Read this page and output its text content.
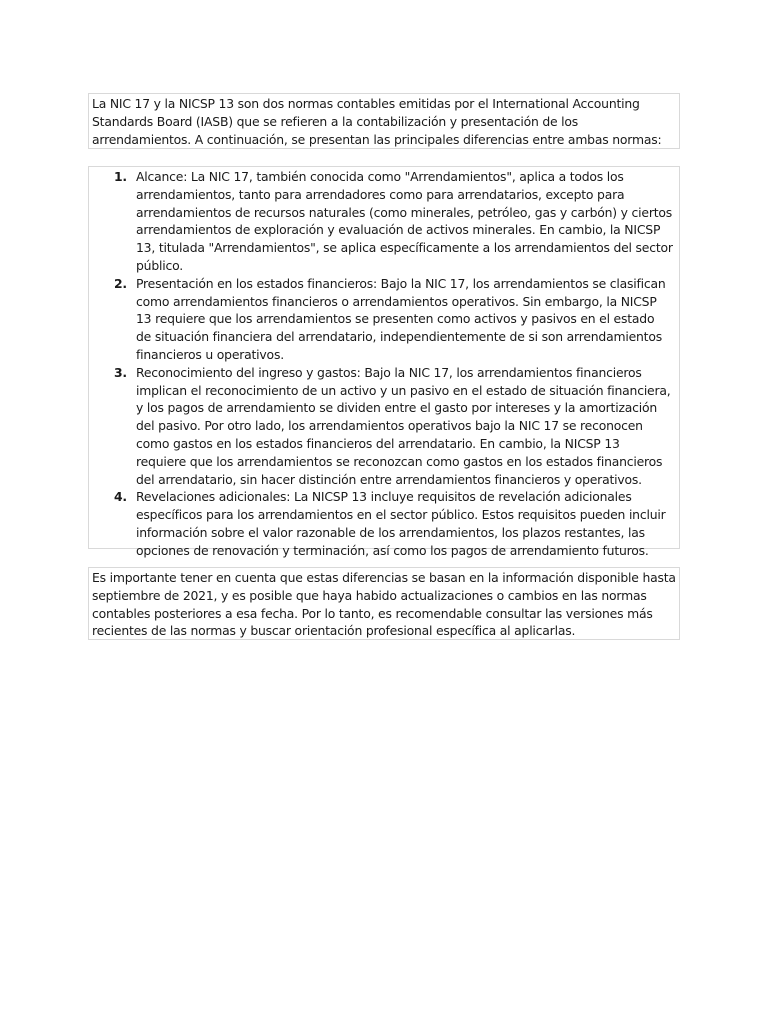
La NIC 17 y la NICSP 13 son dos normas contables emitidas por el International Accounting Standards Board (IASB) que se refieren a la contabilización y presentación de los arrendamientos. A continuación, se presentan las principales diferencias entre ambas normas:

1. Alcance: La NIC 17, también conocida como "Arrendamientos", aplica a todos los arrendamientos, tanto para arrendadores como para arrendatarios, excepto para arrendamientos de recursos naturales (como minerales, petróleo, gas y carbón) y ciertos arrendamientos de exploración y evaluación de activos minerales. En cambio, la NICSP 13, titulada "Arrendamientos", se aplica específicamente a los arrendamientos del sector público.
2. Presentación en los estados financieros: Bajo la NIC 17, los arrendamientos se clasifican como arrendamientos financieros o arrendamientos operativos. Sin embargo, la NICSP 13 requiere que los arrendamientos se presenten como activos y pasivos en el estado de situación financiera del arrendatario, independientemente de si son arrendamientos financieros u operativos.
3. Reconocimiento del ingreso y gastos: Bajo la NIC 17, los arrendamientos financieros implican el reconocimiento de un activo y un pasivo en el estado de situación financiera, y los pagos de arrendamiento se dividen entre el gasto por intereses y la amortización del pasivo. Por otro lado, los arrendamientos operativos bajo la NIC 17 se reconocen como gastos en los estados financieros del arrendatario. En cambio, la NICSP 13 requiere que los arrendamientos se reconozcan como gastos en los estados financieros del arrendatario, sin hacer distinción entre arrendamientos financieros y operativos.
4. Revelaciones adicionales: La NICSP 13 incluye requisitos de revelación adicionales específicos para los arrendamientos en el sector público. Estos requisitos pueden incluir información sobre el valor razonable de los arrendamientos, los plazos restantes, las opciones de renovación y terminación, así como los pagos de arrendamiento futuros.

Es importante tener en cuenta que estas diferencias se basan en la información disponible hasta septiembre de 2021, y es posible que haya habido actualizaciones o cambios en las normas contables posteriores a esa fecha. Por lo tanto, es recomendable consultar las versiones más recientes de las normas y buscar orientación profesional específica al aplicarlas.
